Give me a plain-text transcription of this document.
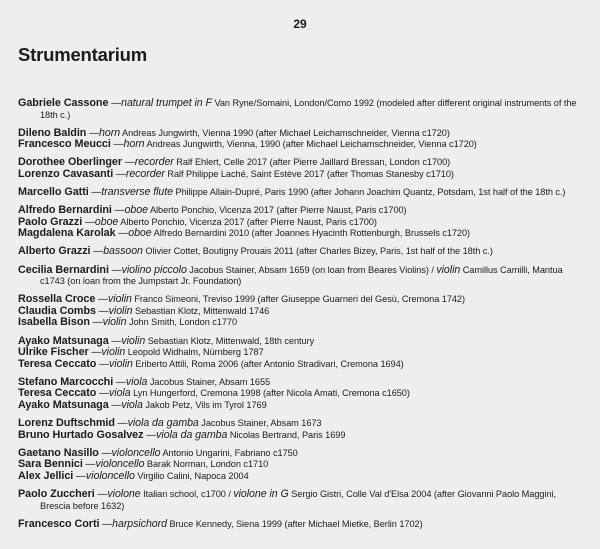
29
Strumentarium
Gabriele Cassone —natural trumpet in F Van Ryne/Somaini, London/Como 1992 (modeled after different original instruments of the 18th c.)
Dileno Baldin —horn Andreas Jungwirth, Vienna 1990 (after Michael Leichamschneider, Vienna c1720)
Francesco Meucci —horn Andreas Jungwirth, Vienna, 1990 (after Michael Leichamschneider, Vienna c1720)
Dorothee Oberlinger —recorder Ralf Ehlert, Celle 2017 (after Pierre Jaillard Bressan, London c1700)
Lorenzo Cavasanti —recorder Ralf Philippe Laché, Saint Estève 2017 (after Thomas Stanesby c1710)
Marcello Gatti —transverse flute Philippe Allain-Dupré, Paris 1990 (after Johann Joachim Quantz, Potsdam, 1st half of the 18th c.)
Alfredo Bernardini —oboe Alberto Ponchio, Vicenza 2017 (after Pierre Naust, Paris c1700)
Paolo Grazzi —oboe Alberto Ponchio, Vicenza 2017 (after Pierre Naust, Paris c1700)
Magdalena Karolak —oboe Alfredo Bernardini 2010 (after Joannes Hyacinth Rottenburgh, Brussels c1720)
Alberto Grazzi —bassoon Olivier Cottet, Boutigny Prouais 2011 (after Charles Bizey, Paris, 1st half of the 18th c.)
Cecilia Bernardini —violino piccolo Jacobus Stainer, Absam 1659 (on loan from Beares Violins) / violin Camillus Camilli, Mantua c1743 (on loan from the Jumpstart Jr. Foundation)
Rossella Croce —violin Franco Simeoni, Treviso 1999 (after Giuseppe Guarneri del Gesù, Cremona 1742)
Claudia Combs —violin Sebastian Klotz, Mittenwald 1746
Isabella Bison —violin John Smith, London c1770
Ayako Matsunaga —violin Sebastian Klotz, Mittenwald, 18th century
Ulrike Fischer —violin Leopold Widhalm, Nürnberg 1787
Teresa Ceccato —violin Eriberto Attili, Roma 2006 (after Antonio Stradivari, Cremona 1694)
Stefano Marcocchi —viola Jacobus Stainer, Absam 1655
Teresa Ceccato —viola Lyn Hungerford, Cremona 1998 (after Nicola Amati, Cremona c1650)
Ayako Matsunaga —viola Jakob Petz, Vils im Tyrol 1769
Lorenz Duftschmid —viola da gamba Jacobus Stainer, Absam 1673
Bruno Hurtado Gosalvez —viola da gamba Nicolas Bertrand, Paris 1699
Gaetano Nasillo —violoncello Antonio Ungarini, Fabriano c1750
Sara Bennici —violoncello Barak Norman, London c1710
Alex Jellici —violoncello Virgilio Calini, Napoca 2004
Paolo Zuccheri —violone Italian school, c1700 / violone in G Sergio Gistri, Colle Val d'Elsa 2004 (after Giovanni Paolo Maggini, Brescia before 1632)
Francesco Corti —harpsichord Bruce Kennedy, Siena 1999 (after Michael Mietke, Berlin 1702)
